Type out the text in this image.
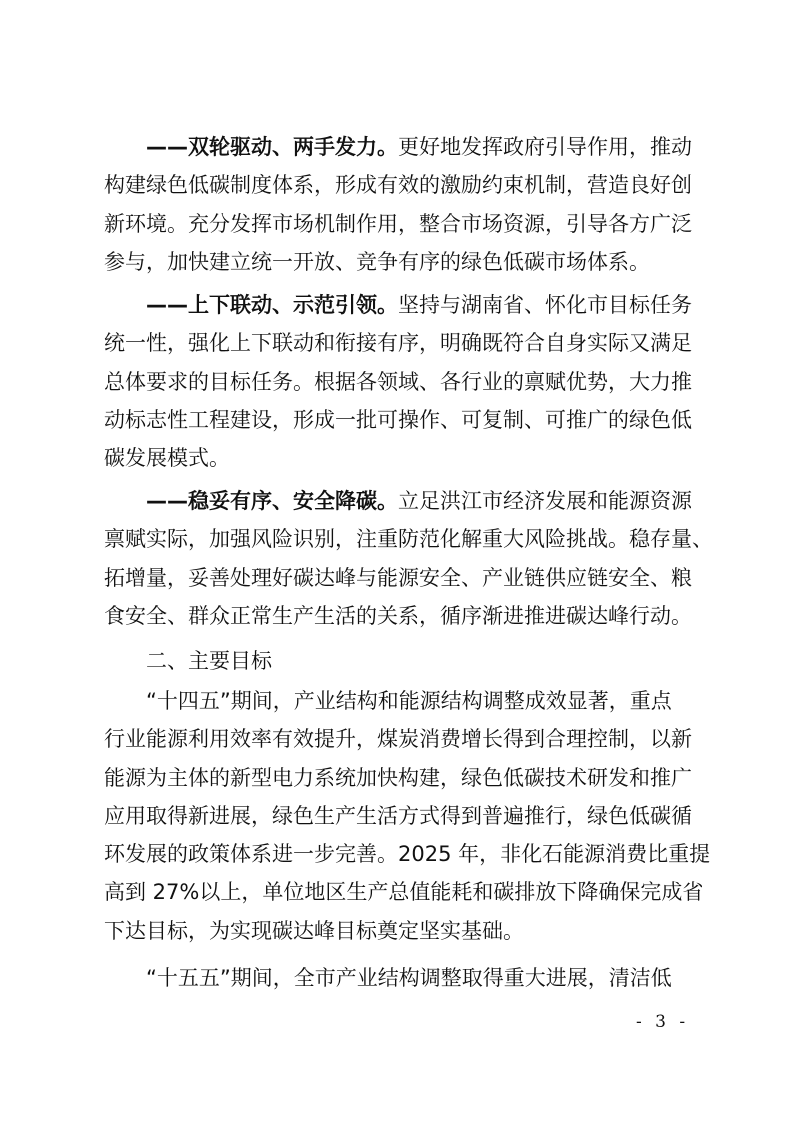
——双轮驱动、两手发力。更好地发挥政府引导作用，推动
构建绿色低碳制度体系，形成有效的激励约束机制，营造良好创
新环境。充分发挥市场机制作用，整合市场资源，引导各方广泛
参与，加快建立统一开放、竞争有序的绿色低碳市场体系。
——上下联动、示范引领。坚持与湖南省、怀化市目标任务
统一性，强化上下联动和衔接有序，明确既符合自身实际又满足
总体要求的目标任务。根据各领域、各行业的禀赋优势，大力推
动标志性工程建设，形成一批可操作、可复制、可推广的绿色低
碳发展模式。
——稳妥有序、安全降碳。立足洪江市经济发展和能源资源
禀赋实际，加强风险识别，注重防范化解重大风险挑战。稳存量、
拓增量，妥善处理好碳达峰与能源安全、产业链供应链安全、粮
食安全、群众正常生产生活的关系，循序渐进推进碳达峰行动。
二、主要目标
“十四五”期间，产业结构和能源结构调整成效显著，重点
行业能源利用效率有效提升，煤炭消费增长得到合理控制，以新
能源为主体的新型电力系统加快构建，绿色低碳技术研发和推广
应用取得新进展，绿色生产生活方式得到普遍推行，绿色低碳循
环发展的政策体系进一步完善。2025 年，非化石能源消费比重提
高到 27%以上，单位地区生产总值能耗和碳排放下降确保完成省
下达目标，为实现碳达峰目标奠定坚实基础。
“十五五”期间，全市产业结构调整取得重大进展，清洁低
- 3 -
